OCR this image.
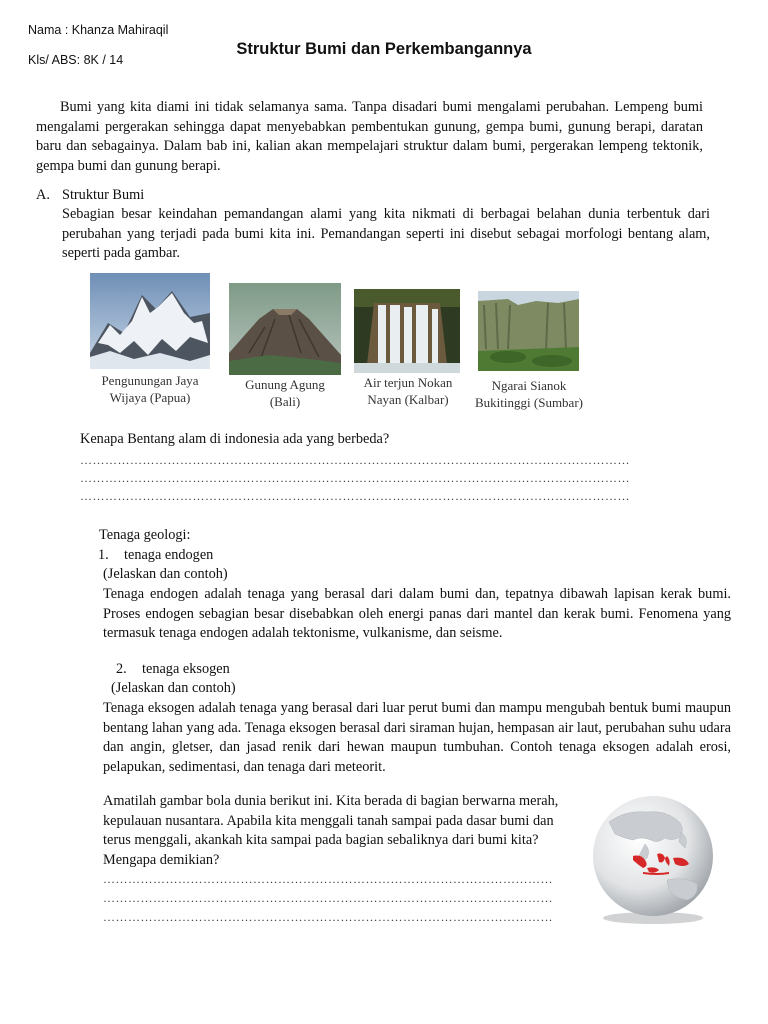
Nama : Khanza Mahiraqil
Kls/ ABS: 8K / 14
Struktur Bumi dan Perkembangannya
Bumi yang kita diami ini tidak selamanya sama. Tanpa disadari bumi mengalami perubahan. Lempeng bumi mengalami pergerakan sehingga dapat menyebabkan pembentukan gunung, gempa bumi, gunung berapi, daratan baru dan sebagainya. Dalam bab ini, kalian akan mempelajari struktur dalam bumi, pergerakan lempeng tektonik, gempa bumi dan gunung berapi.
A. Struktur Bumi
Sebagian besar keindahan pemandangan alami yang kita nikmati di berbagai belahan dunia terbentuk dari perubahan yang terjadi pada bumi kita ini. Pemandangan seperti ini disebut sebagai morfologi bentang alam, seperti pada gambar.
Pengunungan Jaya
Wijaya (Papua)
Gunung Agung
(Bali)
Air terjun Nokan
Nayan (Kalbar)
Ngarai Sianok
Bukitinggi (Sumbar)
Kenapa Bentang alam di indonesia ada yang berbeda?
……………………………………………………………………………………………………………………
……………………………………………………………………………………………………………………
……………………………………………………………………………………………………………………
Tenaga geologi:
1. tenaga endogen
(Jelaskan dan contoh)
Tenaga endogen adalah tenaga yang berasal dari dalam bumi dan, tepatnya dibawah lapisan kerak bumi. Proses endogen sebagian besar disebabkan oleh energi panas dari mantel dan kerak bumi. Fenomena yang termasuk tenaga endogen adalah tektonisme, vulkanisme, dan seisme.
2. tenaga eksogen
(Jelaskan dan contoh)
Tenaga eksogen adalah tenaga yang berasal dari luar perut bumi dan mampu mengubah bentuk bumi maupun bentang lahan yang ada. Tenaga eksogen berasal dari siraman hujan, hempasan air laut, perubahan suhu udara dan angin, gletser, dan jasad renik dari hewan maupun tumbuhan. Contoh tenaga eksogen adalah erosi, pelapukan, sedimentasi, dan tenaga dari meteorit.
Amatilah gambar bola dunia berikut ini. Kita berada di bagian berwarna merah, kepulauan nusantara. Apabila kita menggali tanah sampai pada dasar bumi dan terus menggali, akankah kita sampai pada bagian sebaliknya dari bumi kita? Mengapa demikian?
………………………………………………………………………………………………
………………………………………………………………………………………………
………………………………………………………………………………………………
